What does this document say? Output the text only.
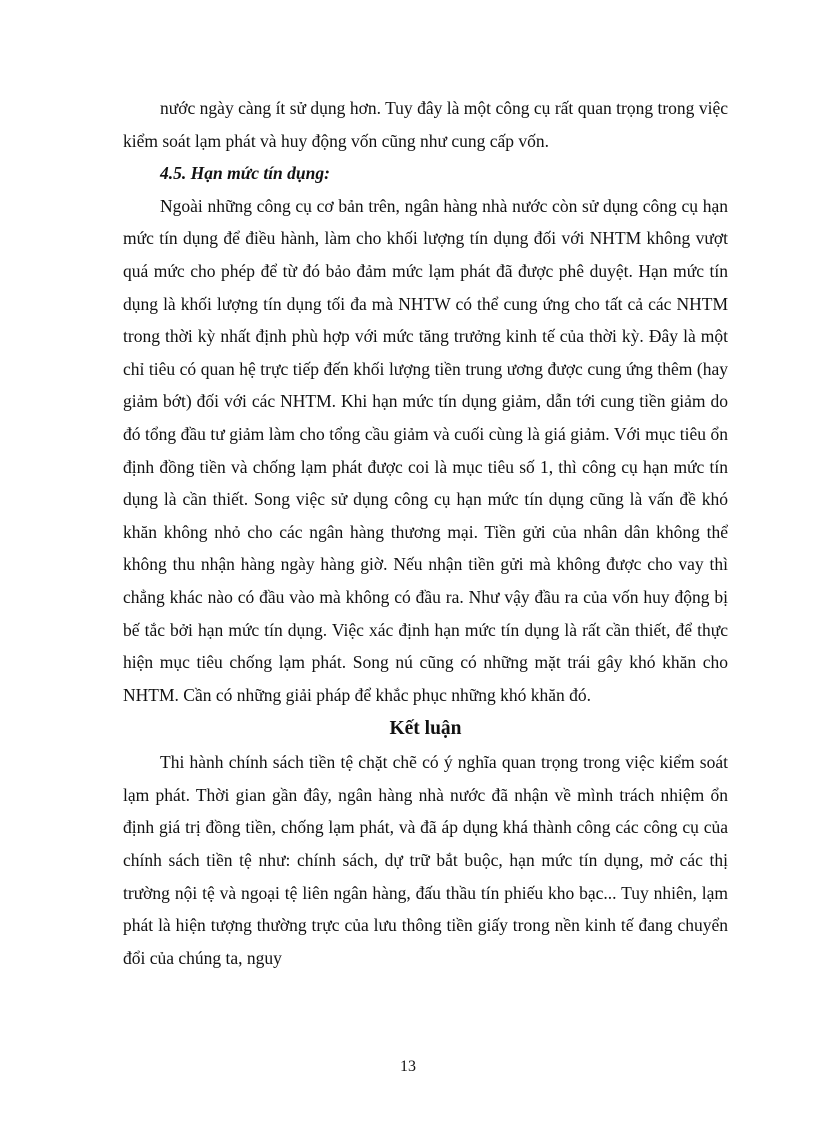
nước ngày càng ít sử dụng hơn. Tuy đây là một công cụ rất quan trọng trong việc kiểm soát lạm phát và huy động vốn cũng như cung cấp vốn.

4.5. Hạn mức tín dụng:

Ngoài những công cụ cơ bản trên, ngân hàng nhà nước còn sử dụng công cụ hạn mức tín dụng để điều hành, làm cho khối lượng tín dụng đối với NHTM không vượt quá mức cho phép để từ đó bảo đảm mức lạm phát đã được phê duyệt. Hạn mức tín dụng là khối lượng tín dụng tối đa mà NHTW có thể cung ứng cho tất cả các NHTM trong thời kỳ nhất định phù hợp với mức tăng trưởng kinh tế của thời kỳ. Đây là một chỉ tiêu có quan hệ trực tiếp đến khối lượng tiền trung ương được cung ứng thêm (hay giảm bớt) đối với các NHTM. Khi hạn mức tín dụng giảm, dẫn tới cung tiền giảm do đó tổng đầu tư giảm làm cho tổng cầu giảm và cuối cùng là giá giảm. Với mục tiêu ổn định đồng tiền và chống lạm phát được coi là mục tiêu số 1, thì công cụ hạn mức tín dụng là cần thiết. Song việc sử dụng công cụ hạn mức tín dụng cũng là vấn đề khó khăn không nhỏ cho các ngân hàng thương mại. Tiền gửi của nhân dân không thể không thu nhận hàng ngày hàng giờ. Nếu nhận tiền gửi mà không được cho vay thì chẳng khác nào có đầu vào mà không có đầu ra. Như vậy đầu ra của vốn huy động bị bế tắc bởi hạn mức tín dụng. Việc xác định hạn mức tín dụng là rất cần thiết, để thực hiện mục tiêu chống lạm phát. Song nú cũng có những mặt trái gây khó khăn cho NHTM. Cần có những giải pháp để khắc phục những khó khăn đó.

Kết luận

Thi hành chính sách tiền tệ chặt chẽ có ý nghĩa quan trọng trong việc kiểm soát lạm phát. Thời gian gần đây, ngân hàng nhà nước đã nhận về mình trách nhiệm ổn định giá trị đồng tiền, chống lạm phát, và đã áp dụng khá thành công các công cụ của chính sách tiền tệ như: chính sách, dự trữ bắt buộc, hạn mức tín dụng, mở các thị trường nội tệ và ngoại tệ liên ngân hàng, đấu thầu tín phiếu kho bạc... Tuy nhiên, lạm phát là hiện tượng thường trực của lưu thông tiền giấy trong nền kinh tế đang chuyển đổi của chúng ta, nguy

13
